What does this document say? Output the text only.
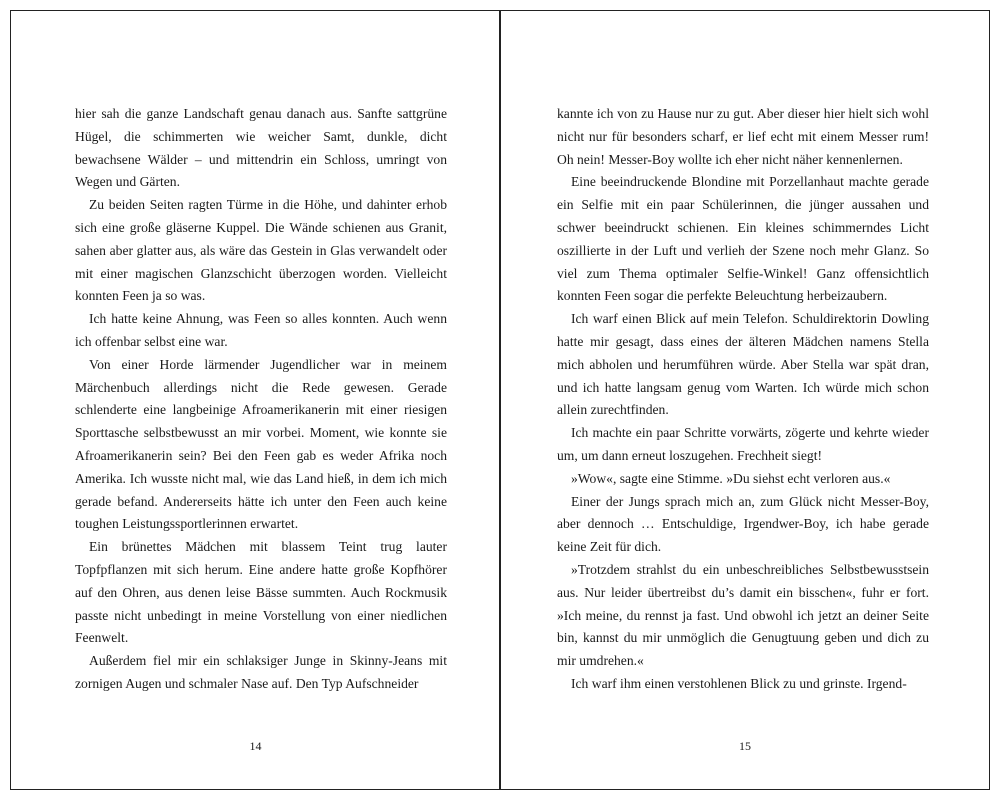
hier sah die ganze Landschaft genau danach aus. Sanfte sattgrüne Hügel, die schimmerten wie weicher Samt, dunkle, dicht bewachsene Wälder – und mittendrin ein Schloss, umringt von Wegen und Gärten.

Zu beiden Seiten ragten Türme in die Höhe, und dahinter erhob sich eine große gläserne Kuppel. Die Wände schienen aus Granit, sahen aber glatter aus, als wäre das Gestein in Glas verwandelt oder mit einer magischen Glanzschicht überzogen worden. Vielleicht konnten Feen ja so was.

Ich hatte keine Ahnung, was Feen so alles konnten. Auch wenn ich offenbar selbst eine war.

Von einer Horde lärmender Jugendlicher war in meinem Märchenbuch allerdings nicht die Rede gewesen. Gerade schlenderte eine langbeinige Afroamerikanerin mit einer riesigen Sporttasche selbstbewusst an mir vorbei. Moment, wie konnte sie Afroamerikanerin sein? Bei den Feen gab es weder Afrika noch Amerika. Ich wusste nicht mal, wie das Land hieß, in dem ich mich gerade befand. Andererseits hätte ich unter den Feen auch keine toughen Leistungssportlerinnen erwartet.

Ein brünettes Mädchen mit blassem Teint trug lauter Topfpflanzen mit sich herum. Eine andere hatte große Kopfhörer auf den Ohren, aus denen leise Bässe summten. Auch Rockmusik passte nicht unbedingt in meine Vorstellung von einer niedlichen Feenwelt.

Außerdem fiel mir ein schlaksiger Junge in Skinny-Jeans mit zornigen Augen und schmaler Nase auf. Den Typ Aufschneider

14

kannte ich von zu Hause nur zu gut. Aber dieser hier hielt sich wohl nicht nur für besonders scharf, er lief echt mit einem Messer rum! Oh nein! Messer-Boy wollte ich eher nicht näher kennenlernen.

Eine beeindruckende Blondine mit Porzellanhaut machte gerade ein Selfie mit ein paar Schülerinnen, die jünger aussahen und schwer beeindruckt schienen. Ein kleines schimmerndes Licht oszillierte in der Luft und verlieh der Szene noch mehr Glanz. So viel zum Thema optimaler Selfie-Winkel! Ganz offensichtlich konnten Feen sogar die perfekte Beleuchtung herbeizaubern.

Ich warf einen Blick auf mein Telefon. Schuldirektorin Dowling hatte mir gesagt, dass eines der älteren Mädchen namens Stella mich abholen und herumführen würde. Aber Stella war spät dran, und ich hatte langsam genug vom Warten. Ich würde mich schon allein zurechtfinden.

Ich machte ein paar Schritte vorwärts, zögerte und kehrte wieder um, um dann erneut loszugehen. Frechheit siegt!

»Wow«, sagte eine Stimme. »Du siehst echt verloren aus.«

Einer der Jungs sprach mich an, zum Glück nicht Messer-Boy, aber dennoch … Entschuldige, Irgendwer-Boy, ich habe gerade keine Zeit für dich.

»Trotzdem strahlst du ein unbeschreibliches Selbstbewusstsein aus. Nur leider übertreibst du’s damit ein bisschen«, fuhr er fort. »Ich meine, du rennst ja fast. Und obwohl ich jetzt an deiner Seite bin, kannst du mir unmöglich die Genugtuung geben und dich zu mir umdrehen.«

Ich warf ihm einen verstohlenen Blick zu und grinste. Irgend-

15
